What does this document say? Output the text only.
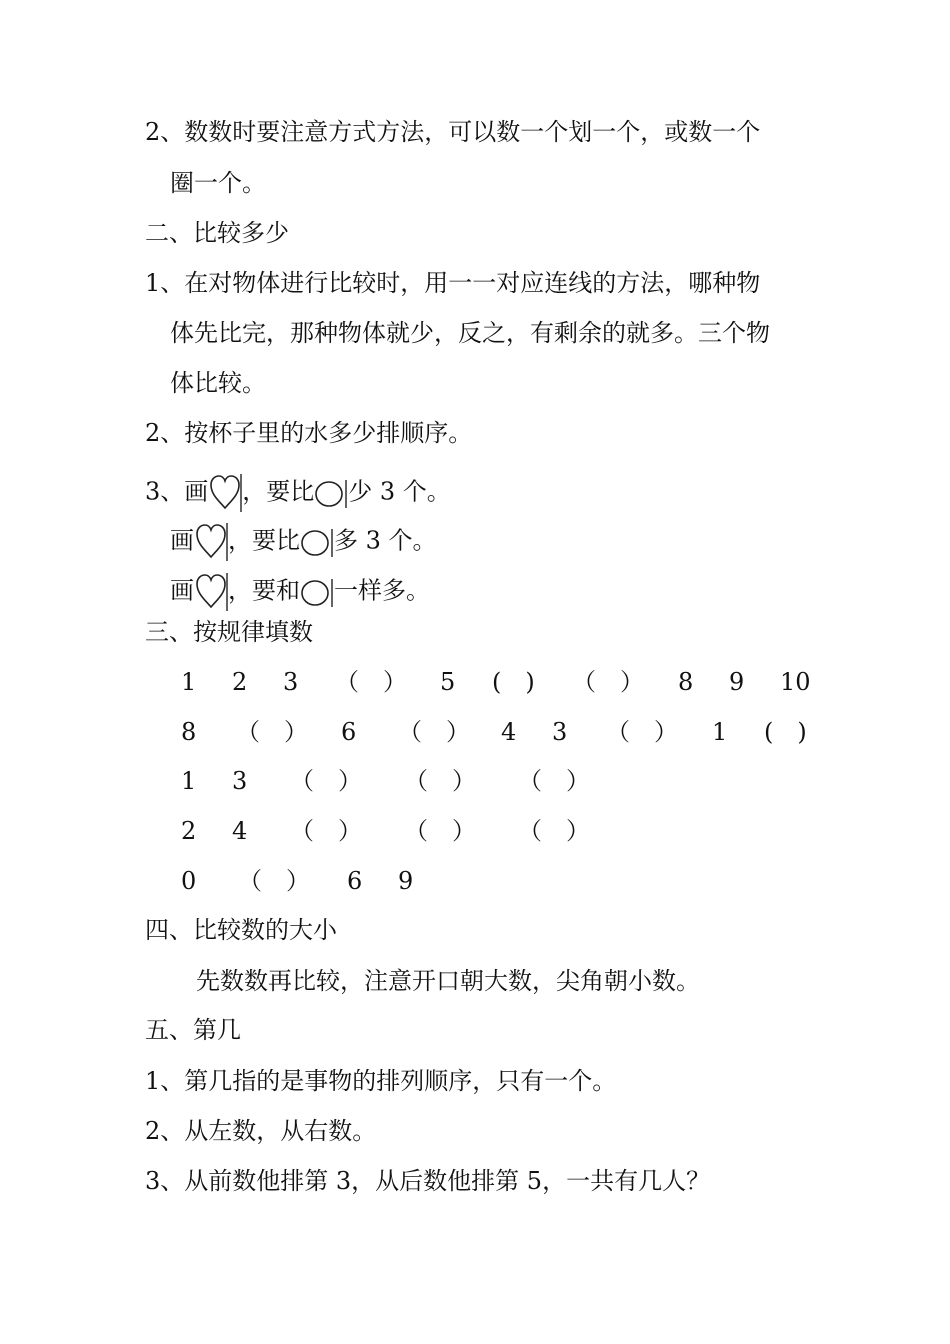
2、数数时要注意方式方法，可以数一个划一个，或数一个
圈一个。
二、比较多少
1、在对物体进行比较时，用一一对应连线的方法，哪种物
体先比完，那种物体就少，反之，有剩余的就多。三个物
体比较。
2、按杯子里的水多少排顺序。
3、画 ，要比 少 3 个。
画 ，要比 多 3 个。
画 ，要和 一样多。
三、按规律填数
1 2 3 （　） 5 (　) （　） 8 9 10
8 （　） 6 （　） 4 3 （　） 1 (　)
1 3 （　） （　） （　）
2 4 （　） （　） （　）
0 （　） 6 9
四、比较数的大小
先数数再比较，注意开口朝大数，尖角朝小数。
五、第几
1、第几指的是事物的排列顺序，只有一个。
2、从左数，从右数。
3、从前数他排第 3，从后数他排第 5，一共有几人？
